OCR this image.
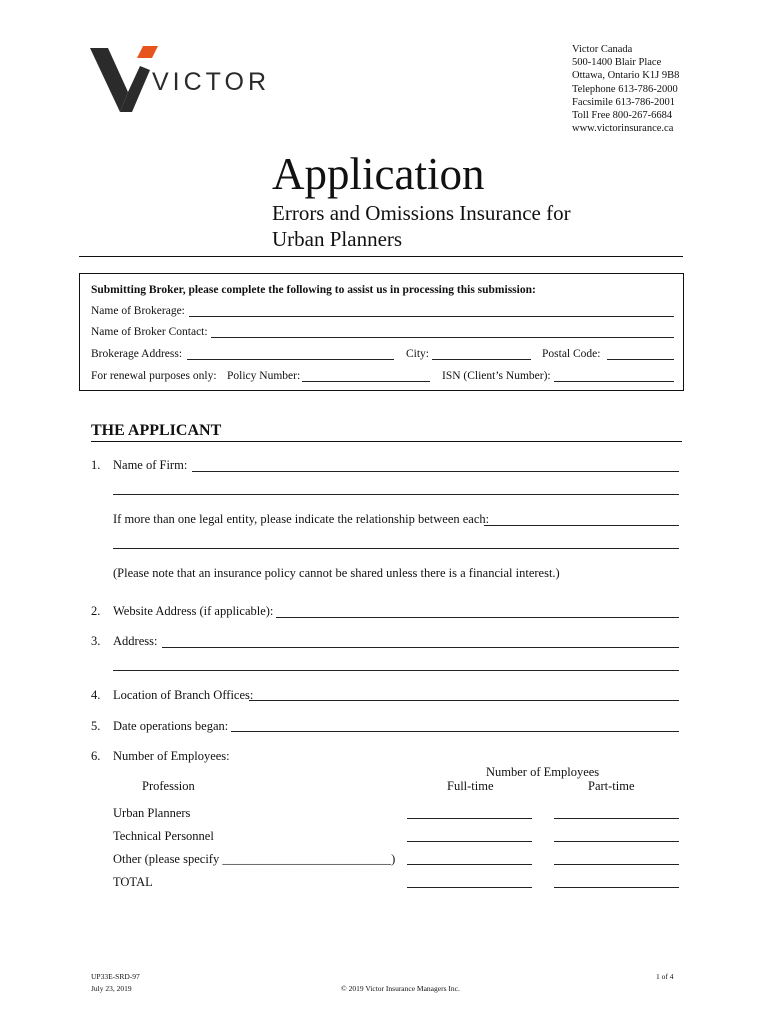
VICTOR
Victor Canada
500-1400 Blair Place
Ottawa, Ontario K1J 9B8
Telephone 613-786-2000
Facsimile 613-786-2001
Toll Free 800-267-6684
www.victorinsurance.ca
Application
Errors and Omissions Insurance for
Urban Planners
Submitting Broker, please complete the following to assist us in processing this submission:
Name of Brokerage:
Name of Broker Contact:
Brokerage Address:	City:	Postal Code:
For renewal purposes only: Policy Number:	ISN (Client’s Number):
THE APPLICANT
1. Name of Firm:
If more than one legal entity, please indicate the relationship between each:
(Please note that an insurance policy cannot be shared unless there is a financial interest.)
2. Website Address (if applicable):
3. Address:
4. Location of Branch Offices:
5. Date operations began:
6. Number of Employees:
Number of Employees
Profession	Full-time	Part-time
Urban Planners
Technical Personnel
Other (please specify ___________________________)
TOTAL
UP33E-SRD-97
July 23, 2019	© 2019 Victor Insurance Managers Inc.
1 of 4
